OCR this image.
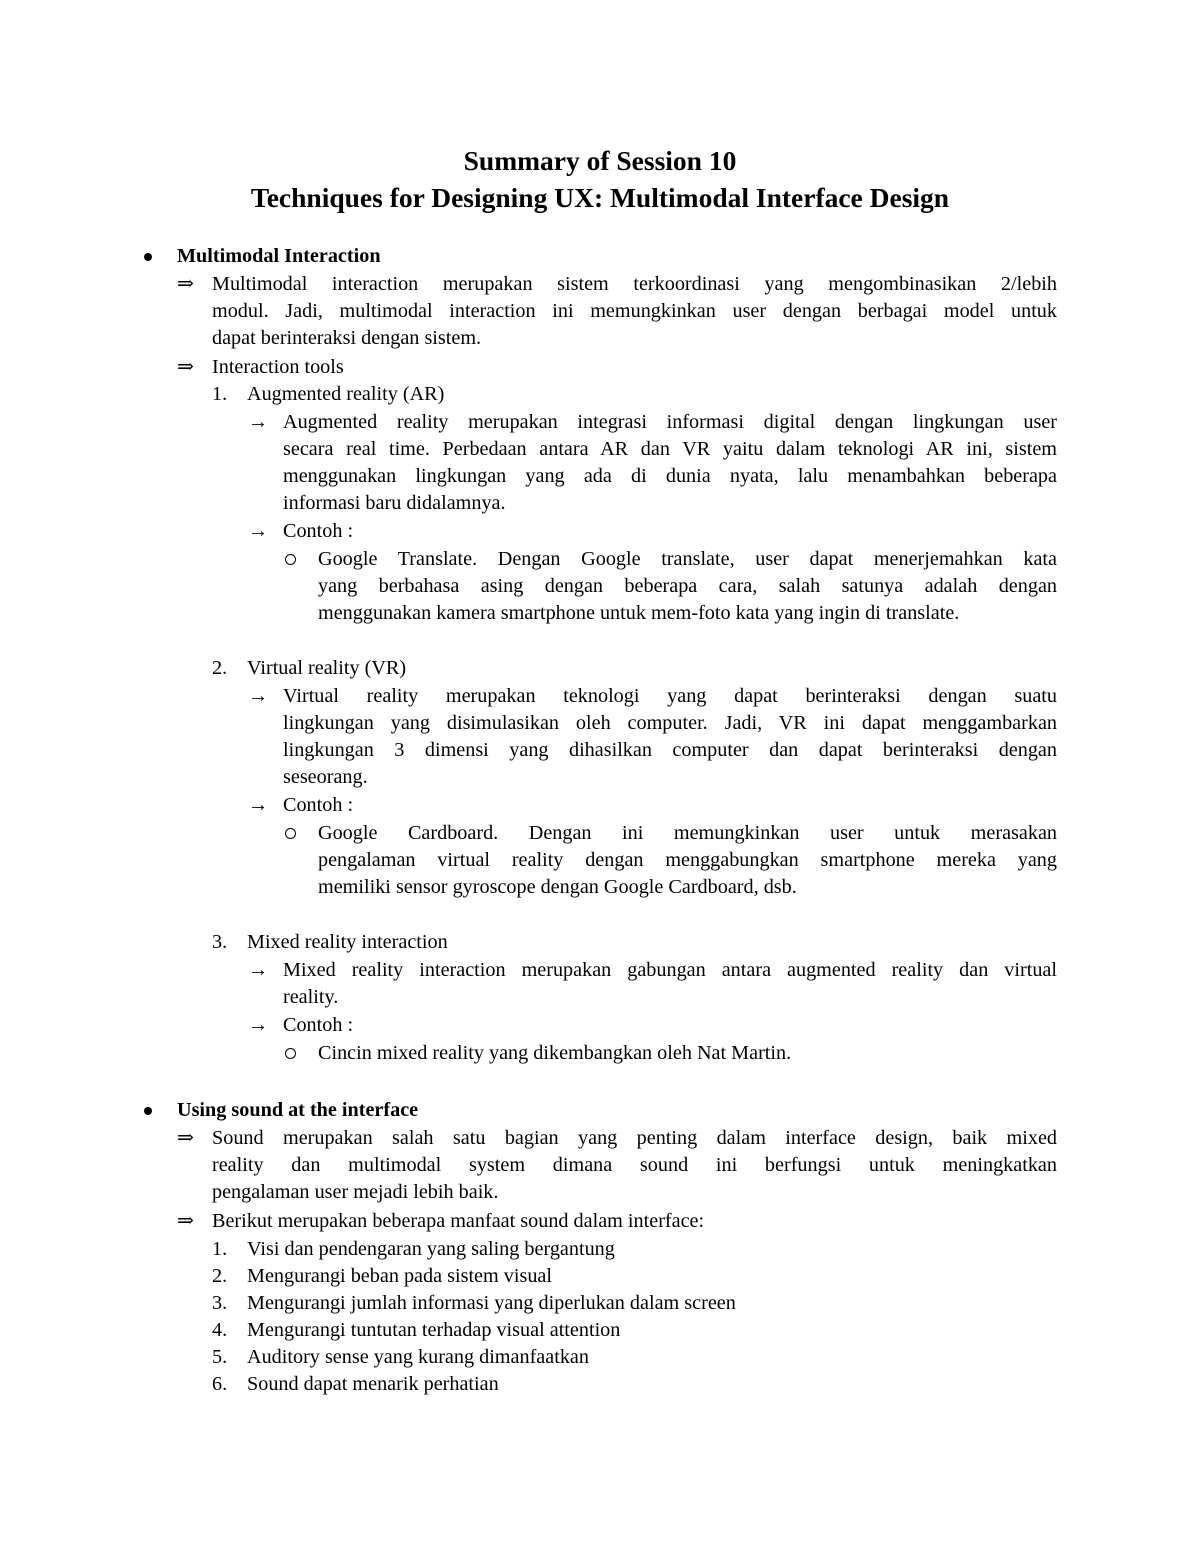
Summary of Session 10
Techniques for Designing UX: Multimodal Interface Design
Multimodal Interaction
⇒ Multimodal interaction merupakan sistem terkoordinasi yang mengombinasikan 2/lebih
modul. Jadi, multimodal interaction ini memungkinkan user dengan berbagai model untuk
dapat berinteraksi dengan sistem.
⇒ Interaction tools
1. Augmented reality (AR)
→ Augmented reality merupakan integrasi informasi digital dengan lingkungan user
secara real time. Perbedaan antara AR dan VR yaitu dalam teknologi AR ini, sistem
menggunakan lingkungan yang ada di dunia nyata, lalu menambahkan beberapa
informasi baru didalamnya.
→ Contoh :
Google Translate. Dengan Google translate, user dapat menerjemahkan kata
yang berbahasa asing dengan beberapa cara, salah satunya adalah dengan
menggunakan kamera smartphone untuk mem-foto kata yang ingin di translate.
2. Virtual reality (VR)
→ Virtual reality merupakan teknologi yang dapat berinteraksi dengan suatu
lingkungan yang disimulasikan oleh computer. Jadi, VR ini dapat menggambarkan
lingkungan 3 dimensi yang dihasilkan computer dan dapat berinteraksi dengan
seseorang.
→ Contoh :
Google Cardboard. Dengan ini memungkinkan user untuk merasakan
pengalaman virtual reality dengan menggabungkan smartphone mereka yang
memiliki sensor gyroscope dengan Google Cardboard, dsb.
3. Mixed reality interaction
→ Mixed reality interaction merupakan gabungan antara augmented reality dan virtual
reality.
→ Contoh :
Cincin mixed reality yang dikembangkan oleh Nat Martin.
Using sound at the interface
⇒ Sound merupakan salah satu bagian yang penting dalam interface design, baik mixed
reality dan multimodal system dimana sound ini berfungsi untuk meningkatkan
pengalaman user mejadi lebih baik.
⇒ Berikut merupakan beberapa manfaat sound dalam interface:
1. Visi dan pendengaran yang saling bergantung
2. Mengurangi beban pada sistem visual
3. Mengurangi jumlah informasi yang diperlukan dalam screen
4. Mengurangi tuntutan terhadap visual attention
5. Auditory sense yang kurang dimanfaatkan
6. Sound dapat menarik perhatian
